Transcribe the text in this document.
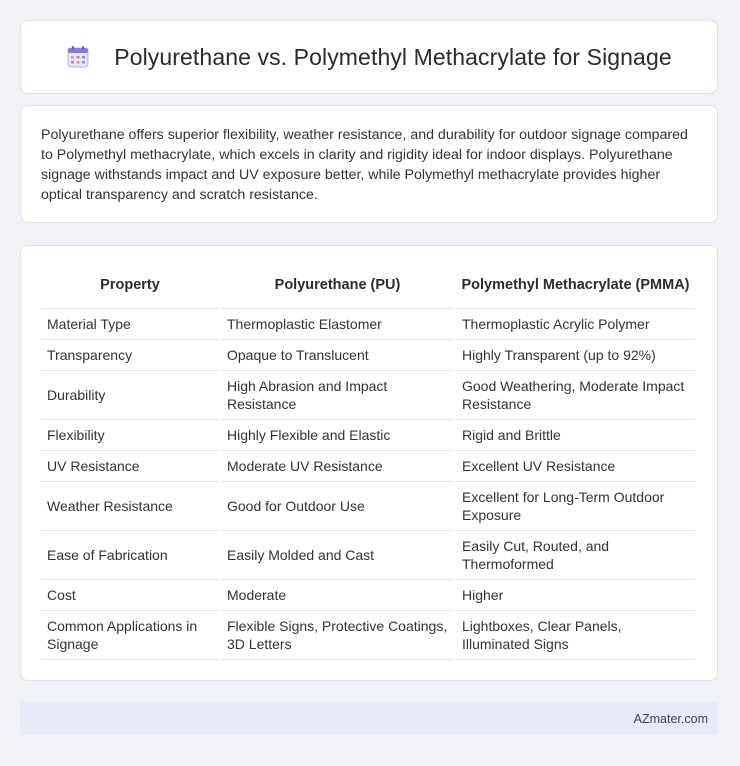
Polyurethane vs. Polymethyl Methacrylate for Signage

Polyurethane offers superior flexibility, weather resistance, and durability for outdoor signage compared to Polymethyl methacrylate, which excels in clarity and rigidity ideal for indoor displays. Polyurethane signage withstands impact and UV exposure better, while Polymethyl methacrylate provides higher optical transparency and scratch resistance.

Property	Polyurethane (PU)	Polymethyl Methacrylate (PMMA)
Material Type	Thermoplastic Elastomer	Thermoplastic Acrylic Polymer
Transparency	Opaque to Translucent	Highly Transparent (up to 92%)
Durability	High Abrasion and Impact Resistance	Good Weathering, Moderate Impact Resistance
Flexibility	Highly Flexible and Elastic	Rigid and Brittle
UV Resistance	Moderate UV Resistance	Excellent UV Resistance
Weather Resistance	Good for Outdoor Use	Excellent for Long-Term Outdoor Exposure
Ease of Fabrication	Easily Molded and Cast	Easily Cut, Routed, and Thermoformed
Cost	Moderate	Higher
Common Applications in Signage	Flexible Signs, Protective Coatings, 3D Letters	Lightboxes, Clear Panels, Illuminated Signs
AZmater.com
